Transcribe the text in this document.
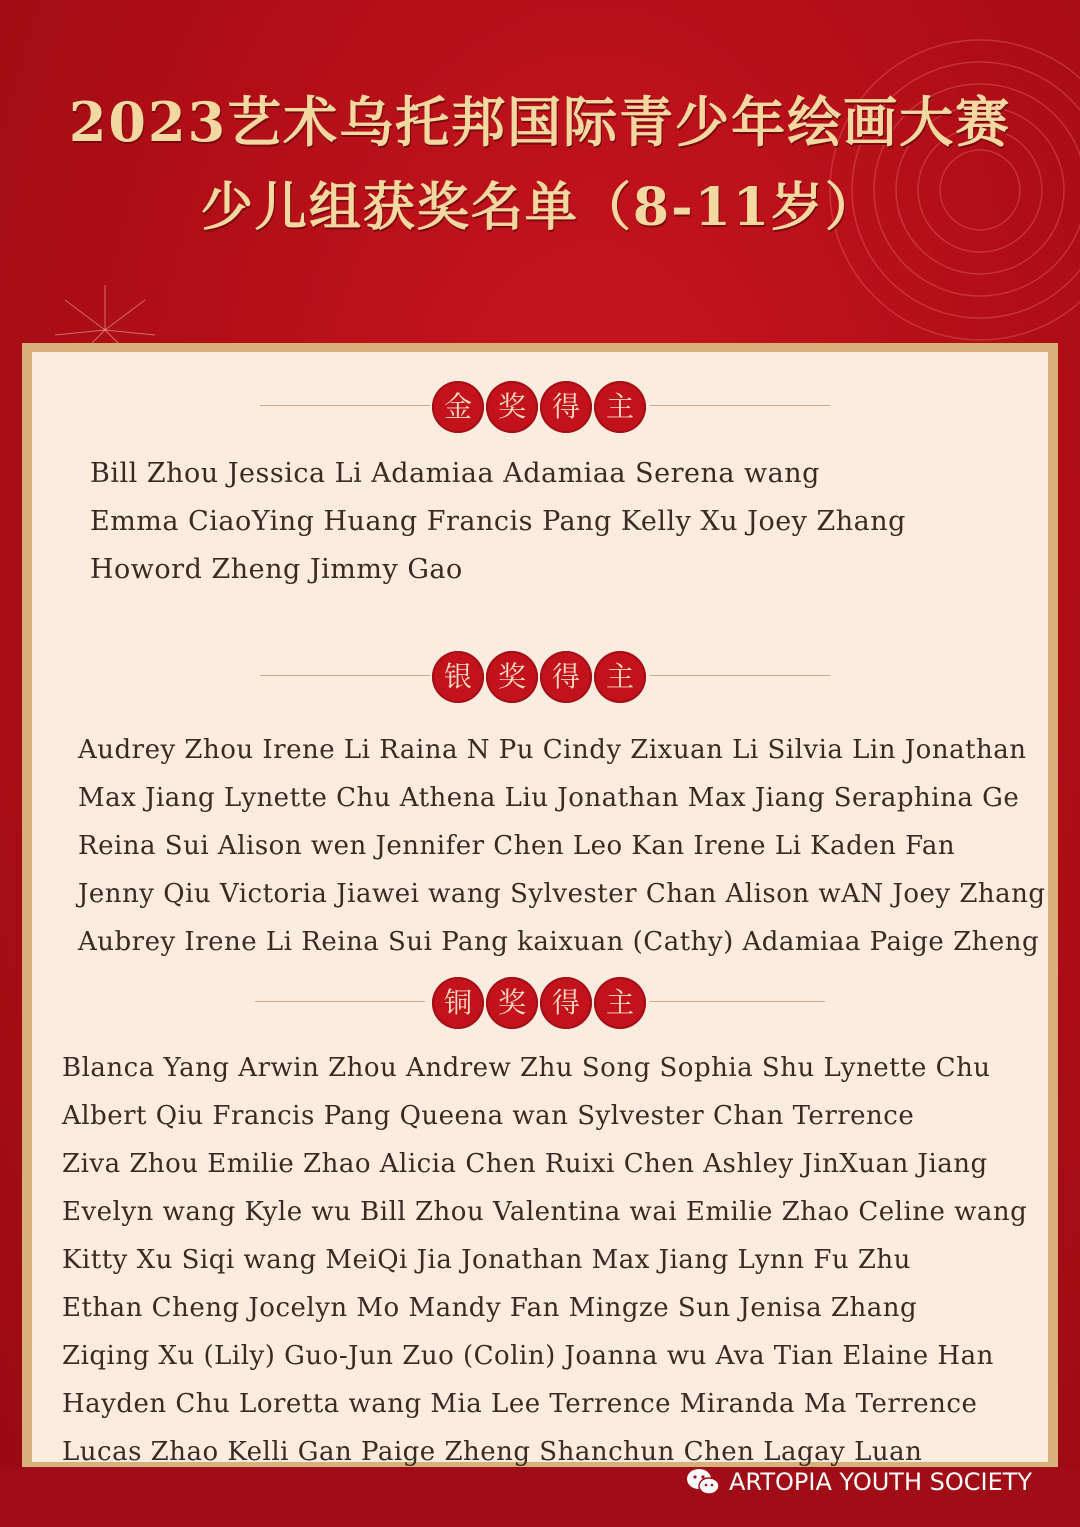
2023艺术乌托邦国际青少年绘画大赛
少儿组获奖名单（8-11岁）
金 奖 得 主
Bill Zhou Jessica Li Adamiaa Adamiaa Serena wang
Emma CiaoYing Huang Francis Pang Kelly Xu Joey Zhang
Howord Zheng Jimmy Gao
银 奖 得 主
Audrey Zhou Irene Li Raina N Pu Cindy Zixuan Li Silvia Lin Jonathan
Max Jiang Lynette Chu Athena Liu Jonathan Max Jiang Seraphina Ge
Reina Sui Alison wen Jennifer Chen Leo Kan Irene Li Kaden Fan
Jenny Qiu Victoria Jiawei wang Sylvester Chan Alison wAN Joey Zhang
Aubrey Irene Li Reina Sui Pang kaixuan (Cathy) Adamiaa Paige Zheng
铜 奖 得 主
Blanca Yang Arwin Zhou Andrew Zhu Song Sophia Shu Lynette Chu
Albert Qiu Francis Pang Queena wan Sylvester Chan Terrence
Ziva Zhou Emilie Zhao Alicia Chen Ruixi Chen Ashley JinXuan Jiang
Evelyn wang Kyle wu Bill Zhou Valentina wai Emilie Zhao Celine wang
Kitty Xu Siqi wang MeiQi Jia Jonathan Max Jiang Lynn Fu Zhu
Ethan Cheng Jocelyn Mo Mandy Fan Mingze Sun Jenisa Zhang
Ziqing Xu (Lily) Guo-Jun Zuo (Colin) Joanna wu Ava Tian Elaine Han
Hayden Chu Loretta wang Mia Lee Terrence Miranda Ma Terrence
Lucas Zhao Kelli Gan Paige Zheng Shanchun Chen Lagay Luan
ARTOPIA YOUTH SOCIETY
